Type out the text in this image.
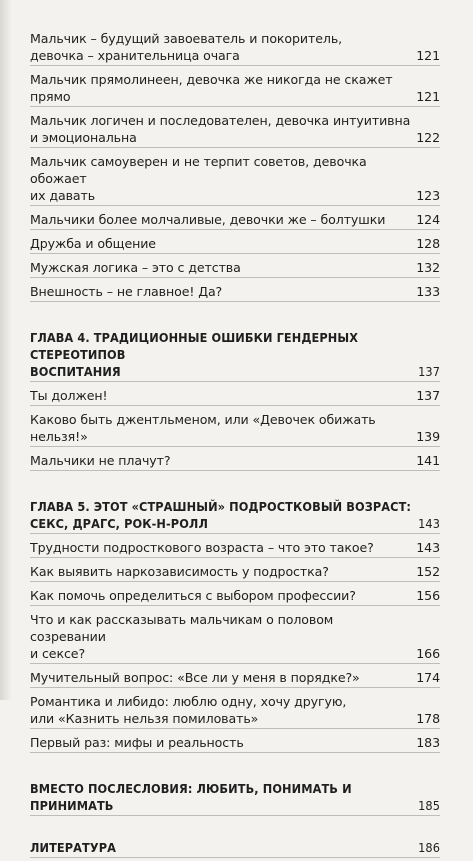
Мальчик – будущий завоеватель и покоритель,
девочка – хранительница очага	121
Мальчик прямолинеен, девочка же никогда не скажет прямо	121
Мальчик логичен и последователен, девочка интуитивна
и эмоциональна	122
Мальчик самоуверен и не терпит советов, девочка обожает
их давать	123
Мальчики более молчаливые, девочки же – болтушки 124
Дружба и общение	128
Мужская логика – это с детства	132
Внешность – не главное! Да?	133
ГЛАВА 4. ТРАДИЦИОННЫЕ ОШИБКИ ГЕНДЕРНЫХ СТЕРЕОТИПОВ
ВОСПИТАНИЯ	137
Ты должен!	137
Каково быть джентльменом, или «Девочек обижать нельзя!»	139
Мальчики не плачут?	141
ГЛАВА 5. ЭТОТ «СТРАШНЫЙ» ПОДРОСТКОВЫЙ ВОЗРАСТ:
СЕКС, ДРАГС, РОК-Н-РОЛЛ	143
Трудности подросткового возраста – что это такое?	143
Как выявить наркозависимость у подростка?	152
Как помочь определиться с выбором профессии?	156
Что и как рассказывать мальчикам о половом созревании
и сексе?	166
Мучительный вопрос: «Все ли у меня в порядке?»	174
Романтика и либидо: люблю одну, хочу другую,
или «Казнить нельзя помиловать»	178
Первый раз: мифы и реальность	183
ВМЕСТО ПОСЛЕСЛОВИЯ: ЛЮБИТЬ, ПОНИМАТЬ И ПРИНИМАТЬ	185
ЛИТЕРАТУРА	186
